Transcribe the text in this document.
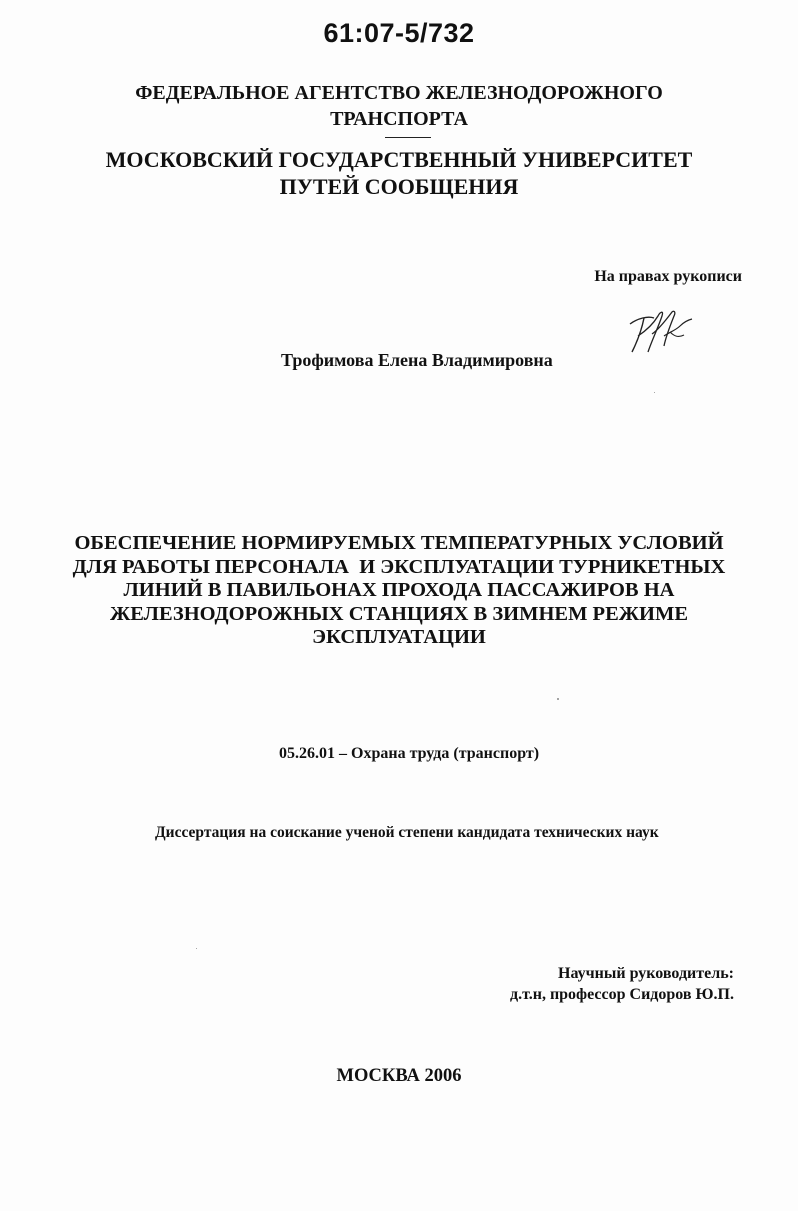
61:07-5/732
ФЕДЕРАЛЬНОЕ АГЕНТСТВО ЖЕЛЕЗНОДОРОЖНОГО
ТРАНСПОРТА
МОСКОВСКИЙ ГОСУДАРСТВЕННЫЙ УНИВЕРСИТЕТ
ПУТЕЙ СООБЩЕНИЯ
На правах рукописи
Трофимова Елена Владимировна
ОБЕСПЕЧЕНИЕ НОРМИРУЕМЫХ ТЕМПЕРАТУРНЫХ УСЛОВИЙ
ДЛЯ РАБОТЫ ПЕРСОНАЛА  И ЭКСПЛУАТАЦИИ ТУРНИКЕТНЫХ
ЛИНИЙ В ПАВИЛЬОНАХ ПРОХОДА ПАССАЖИРОВ НА
ЖЕЛЕЗНОДОРОЖНЫХ СТАНЦИЯХ В ЗИМНЕМ РЕЖИМЕ
ЭКСПЛУАТАЦИИ
05.26.01 – Охрана труда (транспорт)
Диссертация на соискание ученой степени кандидата технических наук
Научный руководитель:
д.т.н, профессор Сидоров Ю.П.
МОСКВА 2006
